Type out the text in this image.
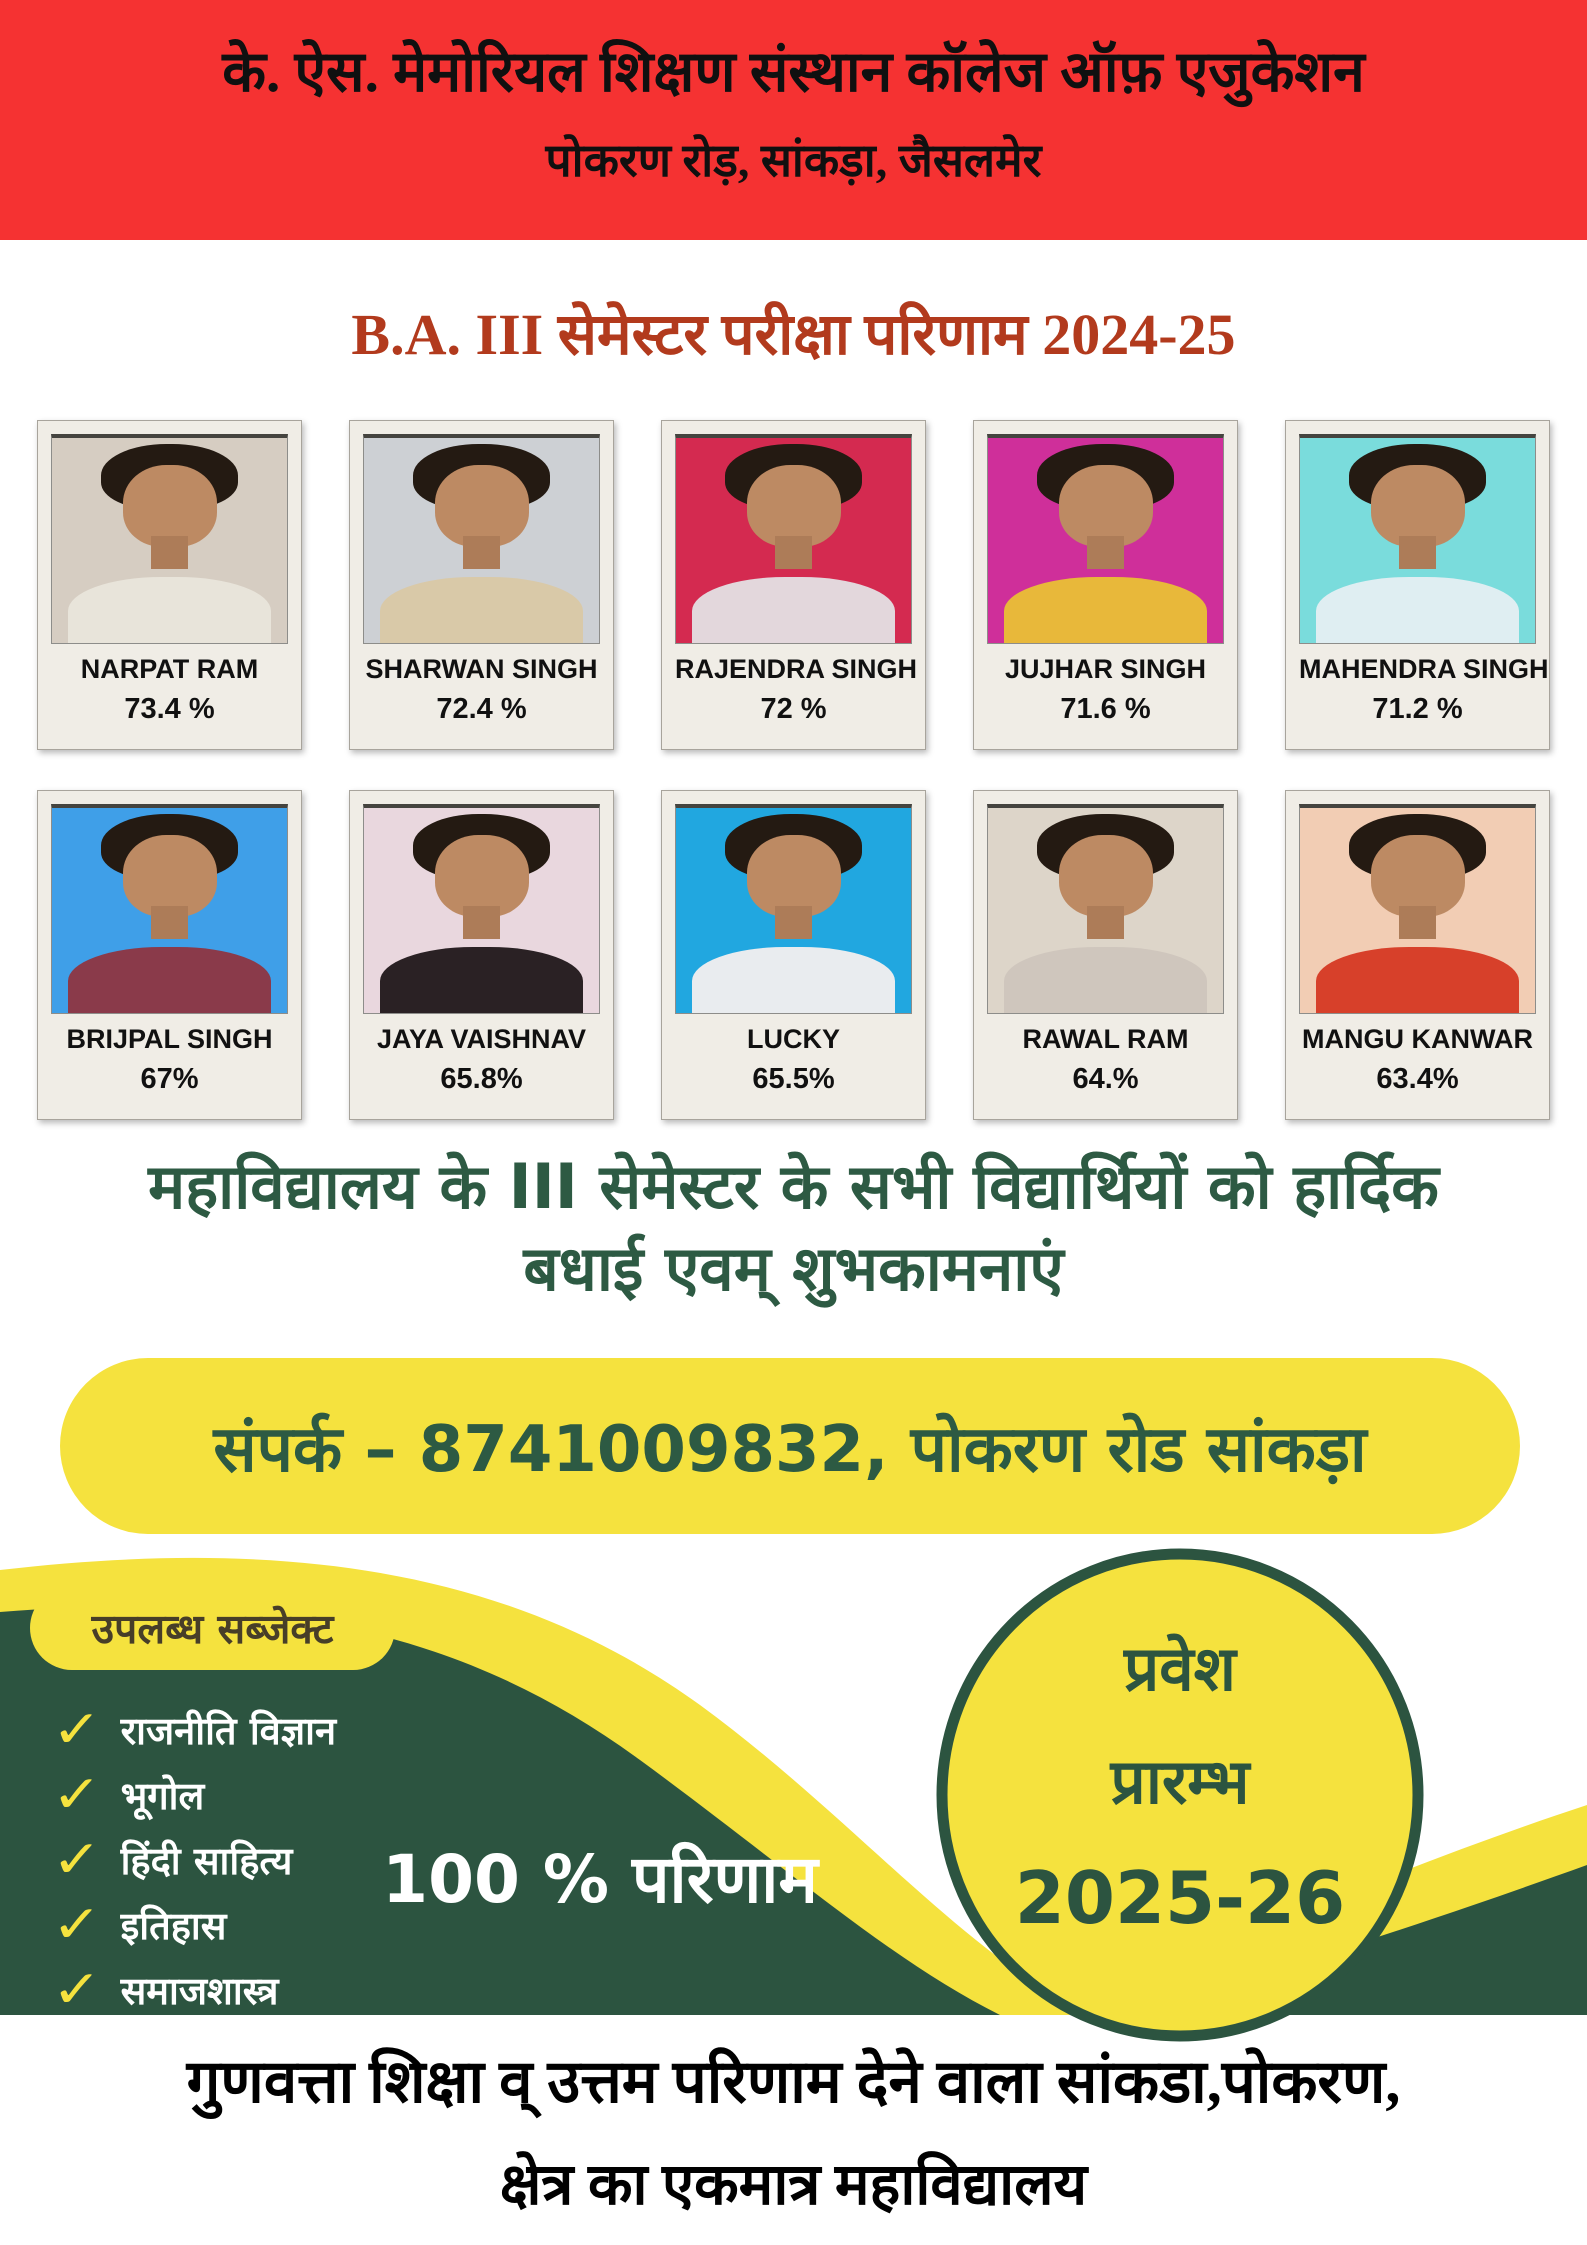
के. ऐस. मेमोरियल शिक्षण संस्थान कॉलेज ऑफ़ एजुकेशन
पोकरण रोड़, सांकड़ा, जैसलमेर
B.A. III सेमेस्टर परीक्षा परिणाम 2024-25
NARPAT RAM
73.4 %
SHARWAN SINGH
72.4 %
RAJENDRA SINGH
72 %
JUJHAR SINGH
71.6 %
MAHENDRA SINGH
71.2 %
BRIJPAL SINGH
67%
JAYA VAISHNAV
65.8%
LUCKY
65.5%
RAWAL RAM
64.%
MANGU KANWAR
63.4%
महाविद्यालय के III सेमेस्टर के सभी विद्यार्थियों को हार्दिक
बधाई एवम् शुभकामनाएं
संपर्क – 8741009832, पोकरण रोड सांकड़ा
उपलब्ध सब्जेक्ट
✓ राजनीति विज्ञान
✓ भूगोल
✓ हिंदी साहित्य
✓ इतिहास
✓ समाजशास्त्र
100 % परिणाम
प्रवेश
प्रारम्भ
2025-26
गुणवत्ता शिक्षा व् उत्तम परिणाम देने वाला सांकडा,पोकरण,
क्षेत्र का एकमात्र महाविद्यालय
